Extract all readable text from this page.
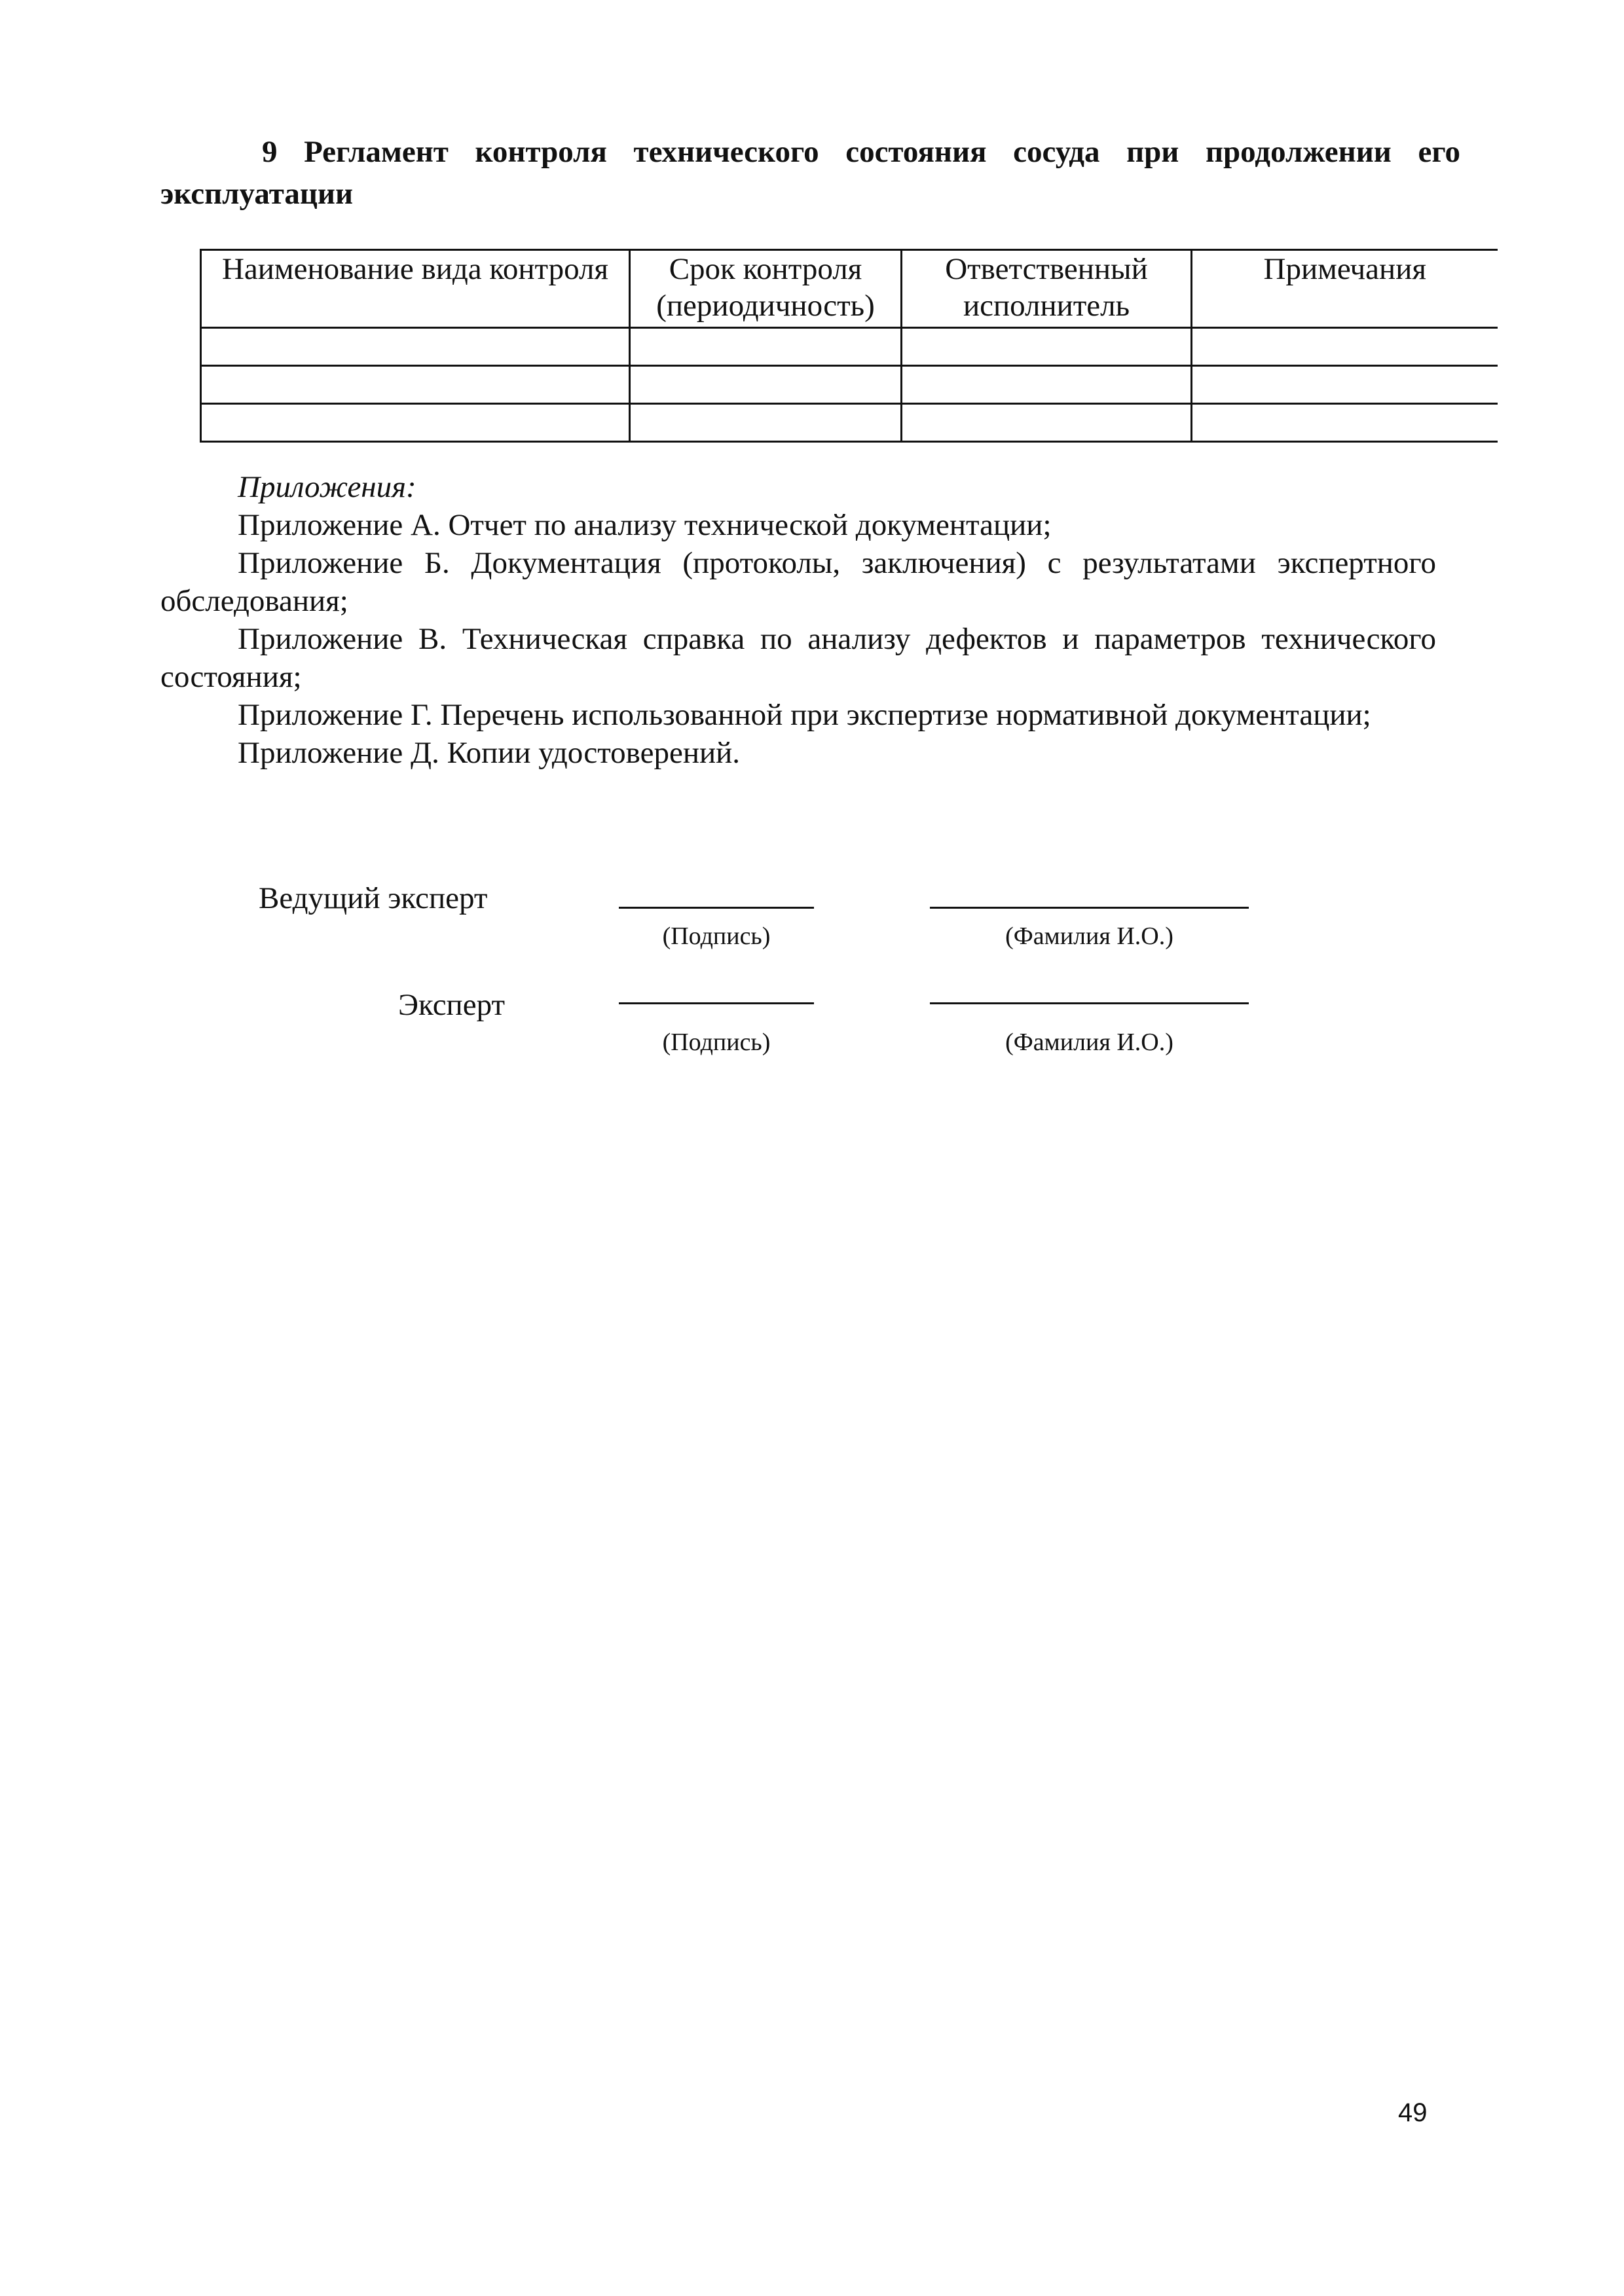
9 Регламент контроля технического состояния сосуда при продолжении его эксплуатации
Наименование вида контроля	Срок контроля (периодичность)	Ответственный исполнитель	Примечания

Приложения:
Приложение А. Отчет по анализу технической документации;
Приложение Б. Документация (протоколы, заключения) с результатами экспертного обследования;
Приложение В. Техническая справка по анализу дефектов и параметров технического состояния;
Приложение Г. Перечень использованной при экспертизе нормативной документации;
Приложение Д. Копии удостоверений.
Ведущий эксперт
(Подпись)	(Фамилия И.О.)
Эксперт
(Подпись)	(Фамилия И.О.)
49
